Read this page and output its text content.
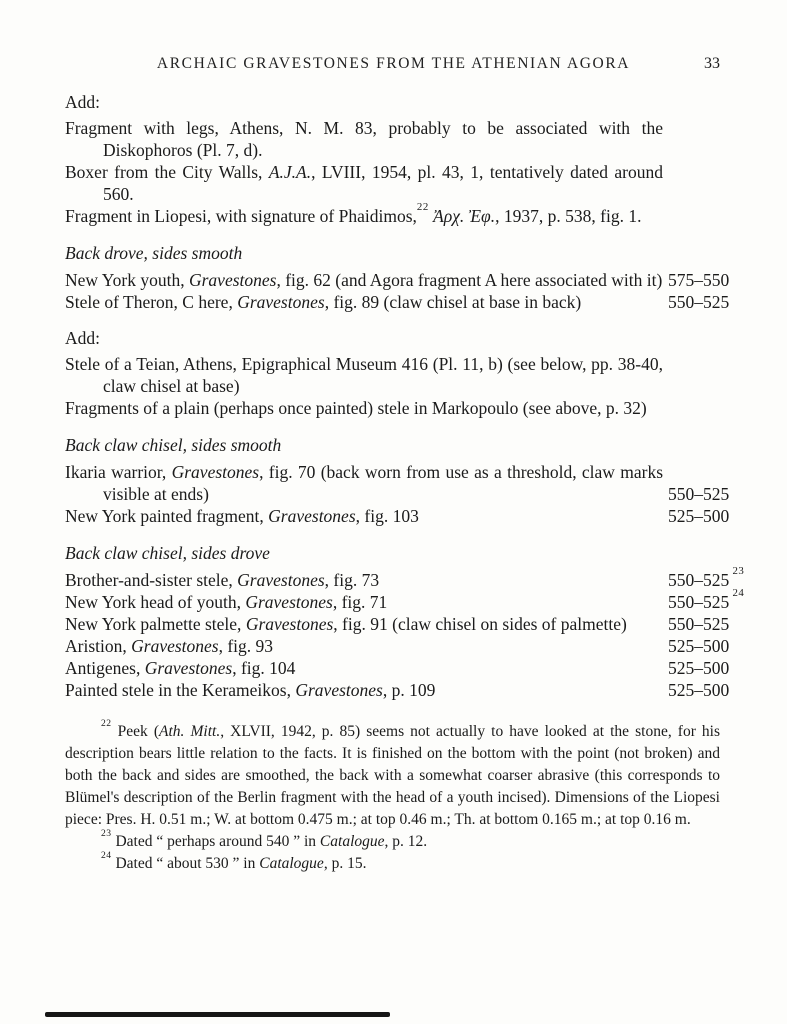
ARCHAIC GRAVESTONES FROM THE ATHENIAN AGORA	33
Add:
Fragment with legs, Athens, N. M. 83, probably to be associated with the Diskophoros (Pl. 7, d).
Boxer from the City Walls, A.J.A., LVIII, 1954, pl. 43, 1, tentatively dated around 560.
Fragment in Liopesi, with signature of Phaidimos,$^{22}$ Ἀρχ. Ἐφ., 1937, p. 538, fig. 1.
Back drove, sides smooth
New York youth, Gravestones, fig. 62 (and Agora fragment A here associated with it) 575–550
Stele of Theron, C here, Gravestones, fig. 89 (claw chisel at base in back)	550–525
Add:
Stele of a Teian, Athens, Epigraphical Museum 416 (Pl. 11, b) (see below, pp. 38-40, claw chisel at base)
Fragments of a plain (perhaps once painted) stele in Markopoulo (see above, p. 32)
Back claw chisel, sides smooth
Ikaria warrior, Gravestones, fig. 70 (back worn from use as a threshold, claw marks visible at ends)	550–525
New York painted fragment, Gravestones, fig. 103	525–500
Back claw chisel, sides drove
Brother-and-sister stele, Gravestones, fig. 73	550–525 $^{23}$
New York head of youth, Gravestones, fig. 71	550–525 $^{24}$
New York palmette stele, Gravestones, fig. 91 (claw chisel on sides of palmette)	550–525
Aristion, Gravestones, fig. 93	525–500
Antigenes, Gravestones, fig. 104	525–500
Painted stele in the Kerameikos, Gravestones, p. 109	525–500

$^{22}$ Peek (Ath. Mitt., XLVII, 1942, p. 85) seems not actually to have looked at the stone, for his description bears little relation to the facts. It is finished on the bottom with the point (not broken) and both the back and sides are smoothed, the back with a somewhat coarser abrasive (this corresponds to Blümel's description of the Berlin fragment with the head of a youth incised). Dimensions of the Liopesi piece: Pres. H. 0.51 m.; W. at bottom 0.475 m.; at top 0.46 m.; Th. at bottom 0.165 m.; at top 0.16 m.

$^{23}$ Dated “ perhaps around 540 ” in Catalogue, p. 12.

$^{24}$ Dated “ about 530 ” in Catalogue, p. 15.
